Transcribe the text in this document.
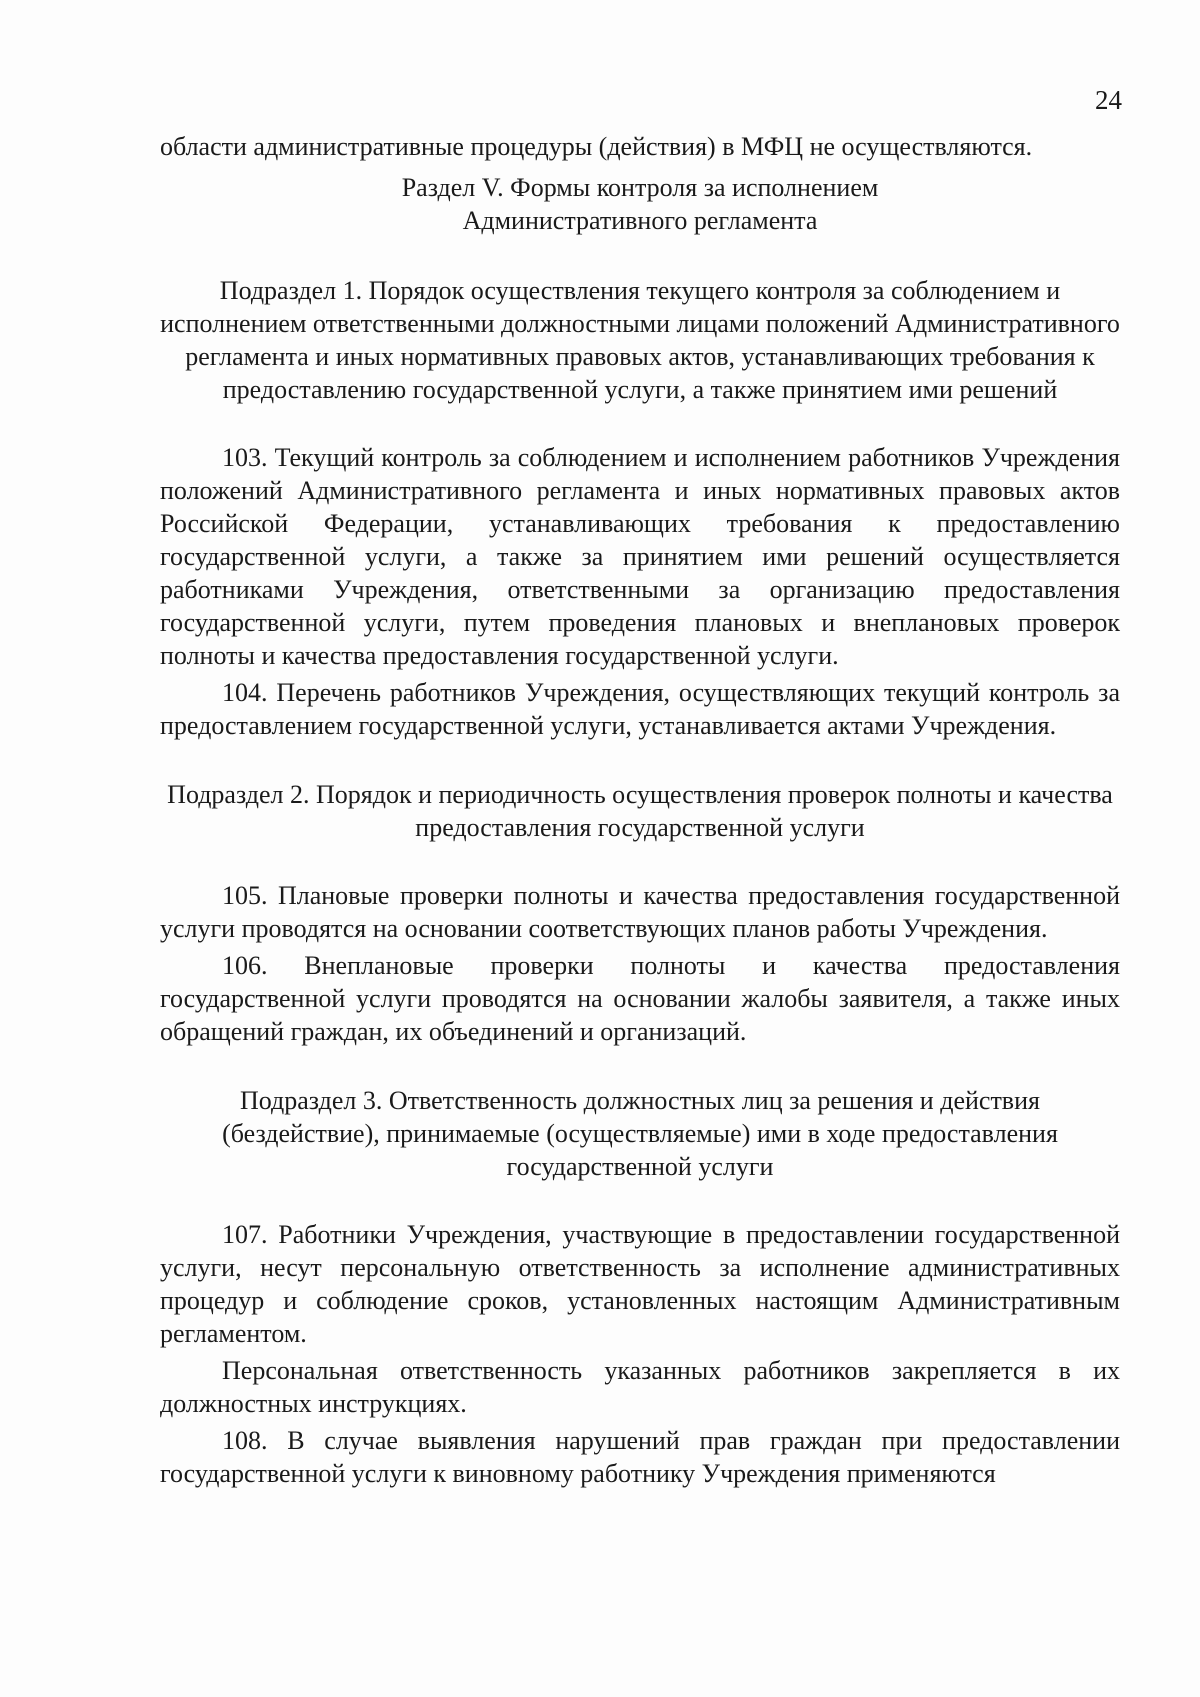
24

области административные процедуры (действия) в МФЦ не осуществляются.

Раздел V. Формы контроля за исполнением

Административного регламента

Подраздел 1. Порядок осуществления текущего контроля за соблюдением и исполнением ответственными должностными лицами положений Административного регламента и иных нормативных правовых актов, устанавливающих требования к предоставлению государственной услуги, а также принятием ими решений

103. Текущий контроль за соблюдением и исполнением работников Учреждения положений Административного регламента и иных нормативных правовых актов Российской Федерации, устанавливающих требования к предоставлению государственной услуги, а также за принятием ими решений осуществляется работниками Учреждения, ответственными за организацию предоставления государственной услуги, путем проведения плановых и внеплановых проверок полноты и качества предоставления государственной услуги.

104. Перечень работников Учреждения, осуществляющих текущий контроль за предоставлением государственной услуги, устанавливается актами Учреждения.

Подраздел 2. Порядок и периодичность осуществления проверок полноты и качества предоставления государственной услуги

105. Плановые проверки полноты и качества предоставления государственной услуги проводятся на основании соответствующих планов работы Учреждения.

106. Внеплановые проверки полноты и качества предоставления государственной услуги проводятся на основании жалобы заявителя, а также иных обращений граждан, их объединений и организаций.

Подраздел 3. Ответственность должностных лиц за решения и действия (бездействие), принимаемые (осуществляемые) ими в ходе предоставления государственной услуги

107. Работники Учреждения, участвующие в предоставлении государственной услуги, несут персональную ответственность за исполнение административных процедур и соблюдение сроков, установленных настоящим Административным регламентом.

Персональная ответственность указанных работников закрепляется в их должностных инструкциях.

108. В случае выявления нарушений прав граждан при предоставлении государственной услуги к виновному работнику Учреждения применяются
